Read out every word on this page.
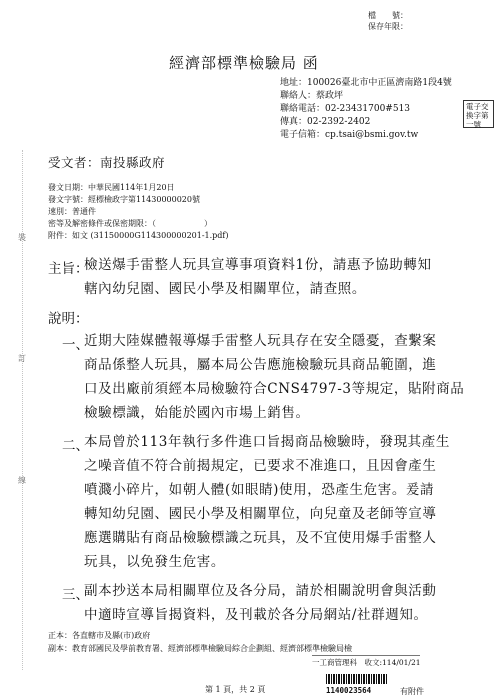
檔　　號：
保存年限：
經濟部標準檢驗局 函
地址：100026臺北市中正區濟南路1段4號
聯絡人：蔡政坪
聯絡電話：02-23431700#513
傳真：02-2392-2402
電子信箱：cp.tsai@bsmi.gov.tw
電子交換字第一號
受文者：南投縣政府
發文日期：中華民國114年1月20日
發文字號：經標檢政字第11430000020號
速別：普通件
密等及解密條件或保密期限：（　　　　　　）
附件：如文 (31150000G114300000201-1.pdf)
裝
訂
線
主旨：
檢送爆手雷整人玩具宣導事項資料1份，請惠予協助轉知
轄內幼兒園、國民小學及相關單位，請查照。
說明：
一、
近期大陸媒體報導爆手雷整人玩具存在安全隱憂，查繫案
商品係整人玩具，屬本局公告應施檢驗玩具商品範圍，進
口及出廠前須經本局檢驗符合CNS4797-3等規定，貼附商品
檢驗標識，始能於國內市場上銷售。
二、
本局曾於113年執行多件進口旨揭商品檢驗時，發現其產生
之噪音值不符合前揭規定，已要求不准進口，且因會產生
噴濺小碎片，如朝人體(如眼睛)使用，恐產生危害。爰請
轉知幼兒園、國民小學及相關單位，向兒童及老師等宣導
應選購貼有商品檢驗標識之玩具，及不宜使用爆手雷整人
玩具，以免發生危害。
三、
副本抄送本局相關單位及各分局，請於相關說明會與活動
中適時宣導旨揭資料，及刊載於各分局網站/社群週知。
正本：各直轄市及縣(市)政府
副本：教育部國民及學前教育署、經濟部標準檢驗局綜合企劃組、經濟部標準檢驗局檢
一工商管理科　收文:114/01/21
第 1 頁，共 2 頁	1140023564	有附件
